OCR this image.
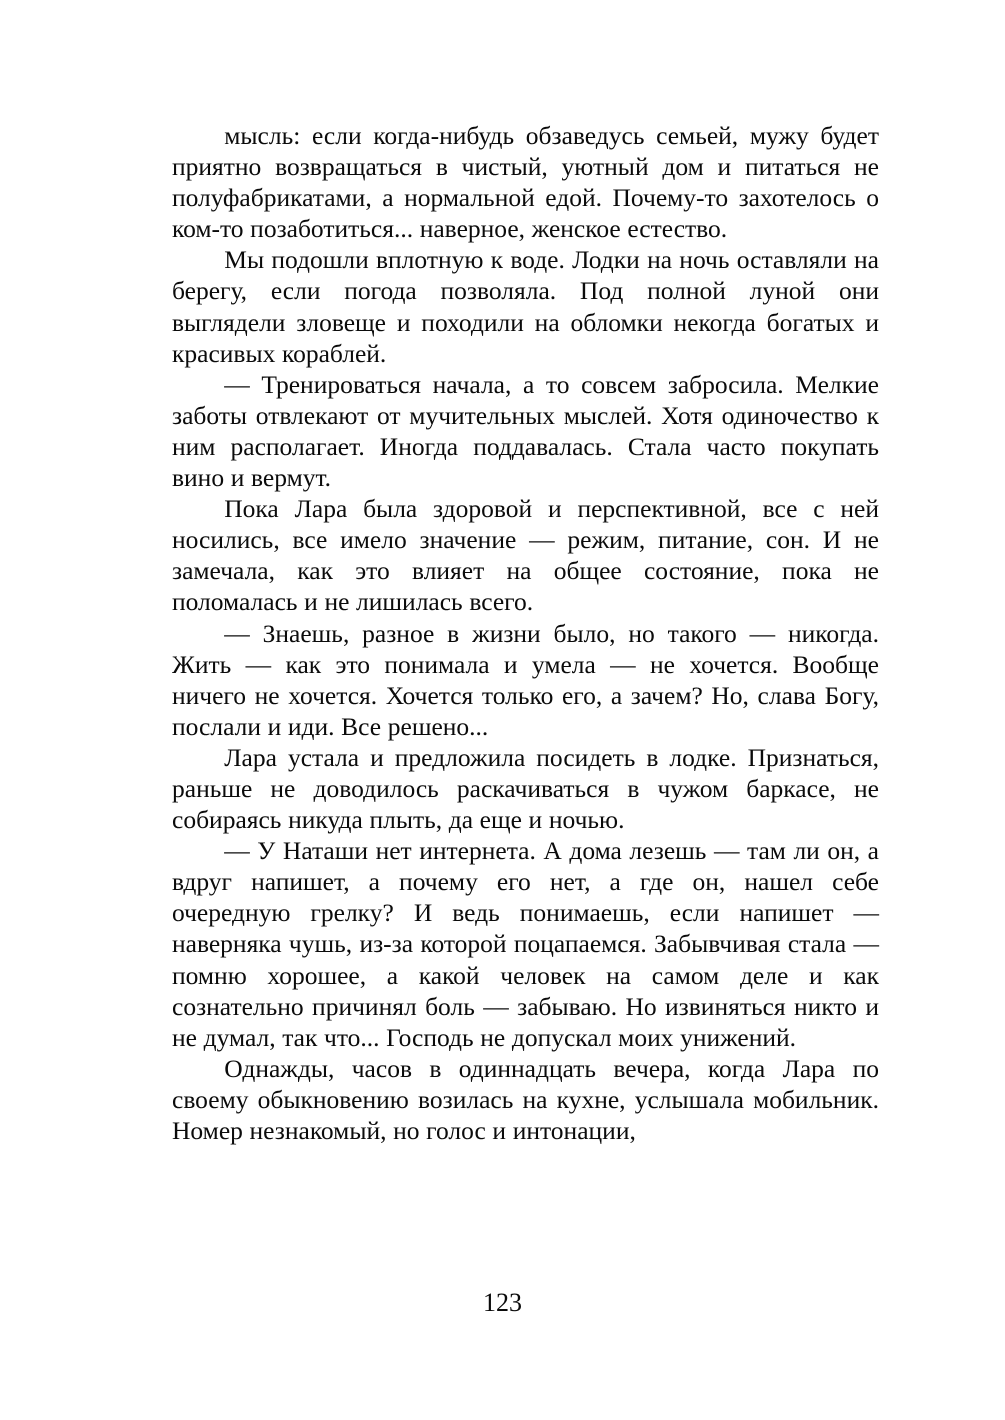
мысль: если когда-нибудь обзаведусь семьей, мужу будет приятно возвращаться в чистый, уютный дом и питаться не полуфабрикатами, а нормальной едой. Почему-то захотелось о ком-то позаботиться... наверное, женское естество.

Мы подошли вплотную к воде. Лодки на ночь оставляли на берегу, если погода позволяла. Под полной луной они выглядели зловеще и походили на обломки некогда богатых и красивых кораблей.

— Тренироваться начала, а то совсем забросила. Мелкие заботы отвлекают от мучительных мыслей. Хотя одиночество к ним располагает. Иногда поддавалась. Стала часто покупать вино и вермут.

Пока Лара была здоровой и перспективной, все с ней носились, все имело значение — режим, питание, сон. И не замечала, как это влияет на общее состояние, пока не поломалась и не лишилась всего.

— Знаешь, разное в жизни было, но такого — никогда. Жить — как это понимала и умела — не хочется. Вообще ничего не хочется. Хочется только его, а зачем? Но, слава Богу, послали и иди. Все решено...

Лара устала и предложила посидеть в лодке. Признаться, раньше не доводилось раскачиваться в чужом баркасе, не собираясь никуда плыть, да еще и ночью.

— У Наташи нет интернета. А дома лезешь — там ли он, а вдруг напишет, а почему его нет, а где он, нашел себе очередную грелку? И ведь понимаешь, если напишет — наверняка чушь, из-за которой поцапаемся. Забывчивая стала — помню хорошее, а какой человек на самом деле и как сознательно причинял боль — забываю. Но извиняться никто и не думал, так что... Господь не допускал моих унижений.

Однажды, часов в одиннадцать вечера, когда Лара по своему обыкновению возилась на кухне, услышала мобильник. Номер незнакомый, но голос и интонации,

123
